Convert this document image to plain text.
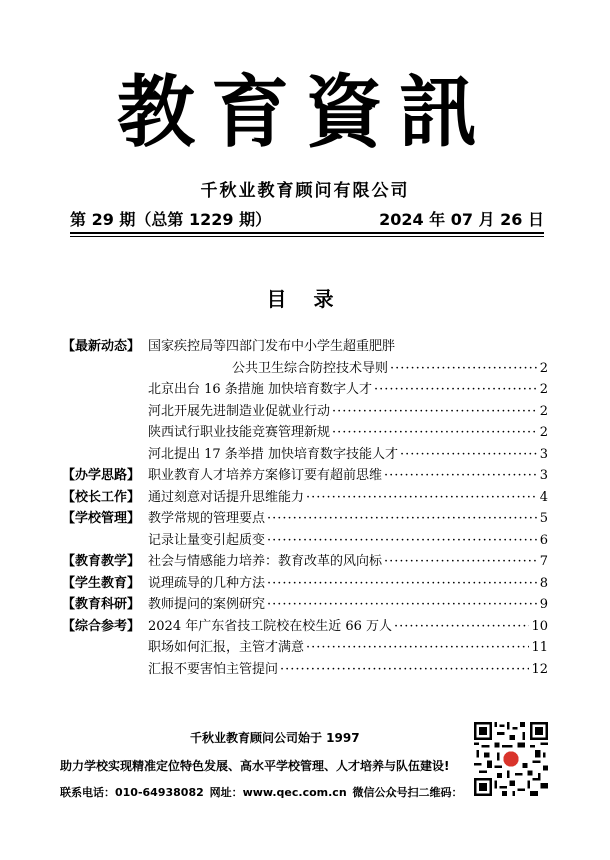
教育資訊
千秋业教育顾问有限公司
第 29 期（总第 1229 期）	2024 年 07 月 26 日
目 录
【最新动态】 国家疾控局等四部门发布中小学生超重肥胖
公共卫生综合防控技术导则 ·····	2
北京出台 16 条措施 加快培育数字人才 ·····	2
河北开展先进制造业促就业行动 ·····	2
陕西试行职业技能竞赛管理新规 ·····	2
河北提出 17 条举措 加快培育数字技能人才 ·····	3
【办学思路】 职业教育人才培养方案修订要有超前思维 ·····	3
【校长工作】 通过刻意对话提升思维能力 ·····	4
【学校管理】 教学常规的管理要点 ·····	5
记录让量变引起质变 ·····	6
【教育教学】 社会与情感能力培养：教育改革的风向标 ·····	7
【学生教育】 说理疏导的几种方法 ·····	8
【教育科研】 教师提问的案例研究 ·····	9
【综合参考】 2024 年广东省技工院校在校生近 66 万人 ·····	10
职场如何汇报，主管才满意 ·····	11
汇报不要害怕主管提问 ·····	12
千秋业教育顾问公司始于 1997
助力学校实现精准定位特色发展、高水平学校管理、人才培养与队伍建设!
联系电话：010-64938082 网址：www.qec.com.cn 微信公众号扫二维码：
